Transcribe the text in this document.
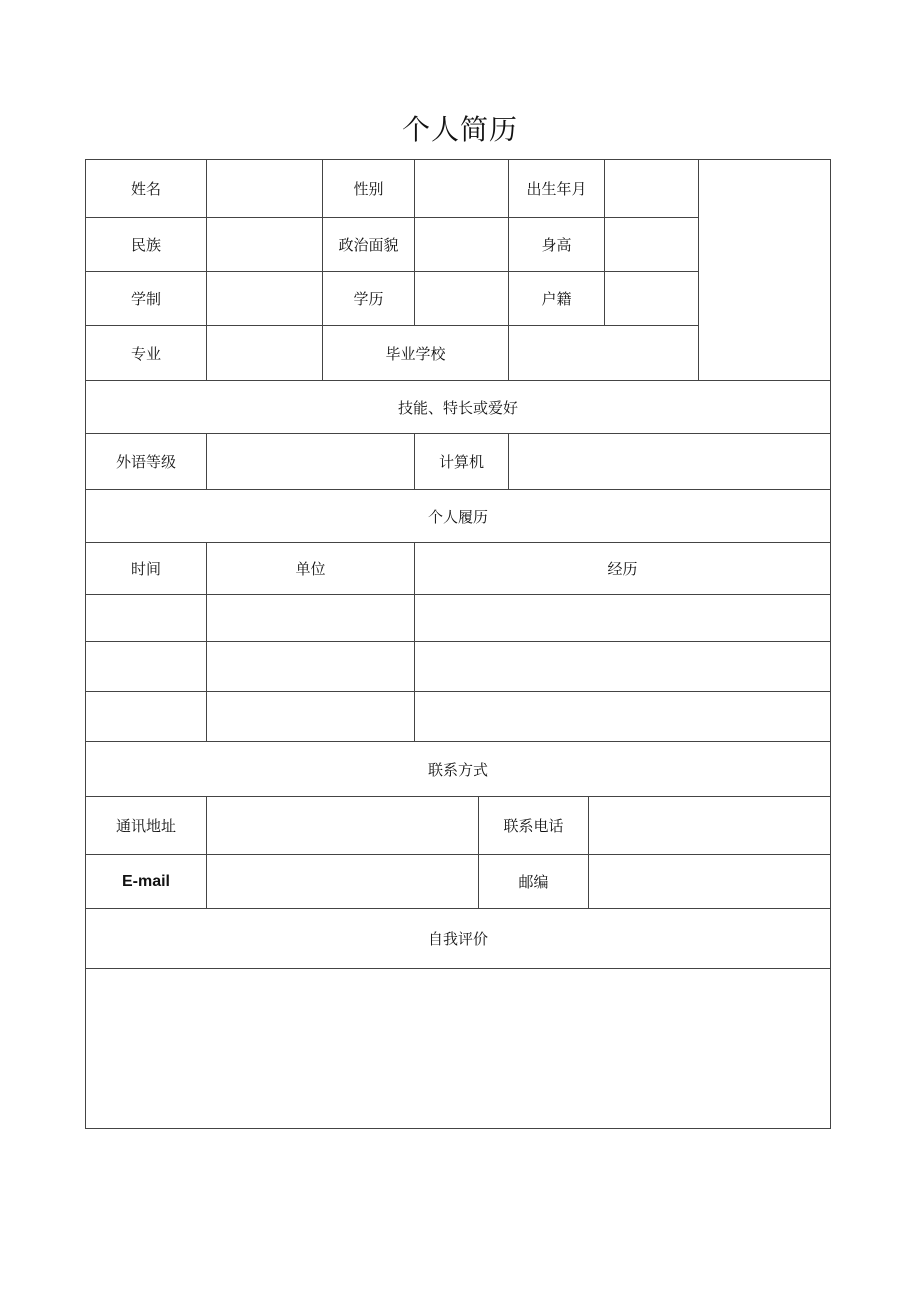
个人简历
姓名	性别	出生年月
民族	政治面貌	身高
学制	学历	户籍
专业	毕业学校
技能、特长或爱好
外语等级	计算机
个人履历
时间	单位	经历
联系方式
通讯地址	联系电话
E-mail	邮编
自我评价
